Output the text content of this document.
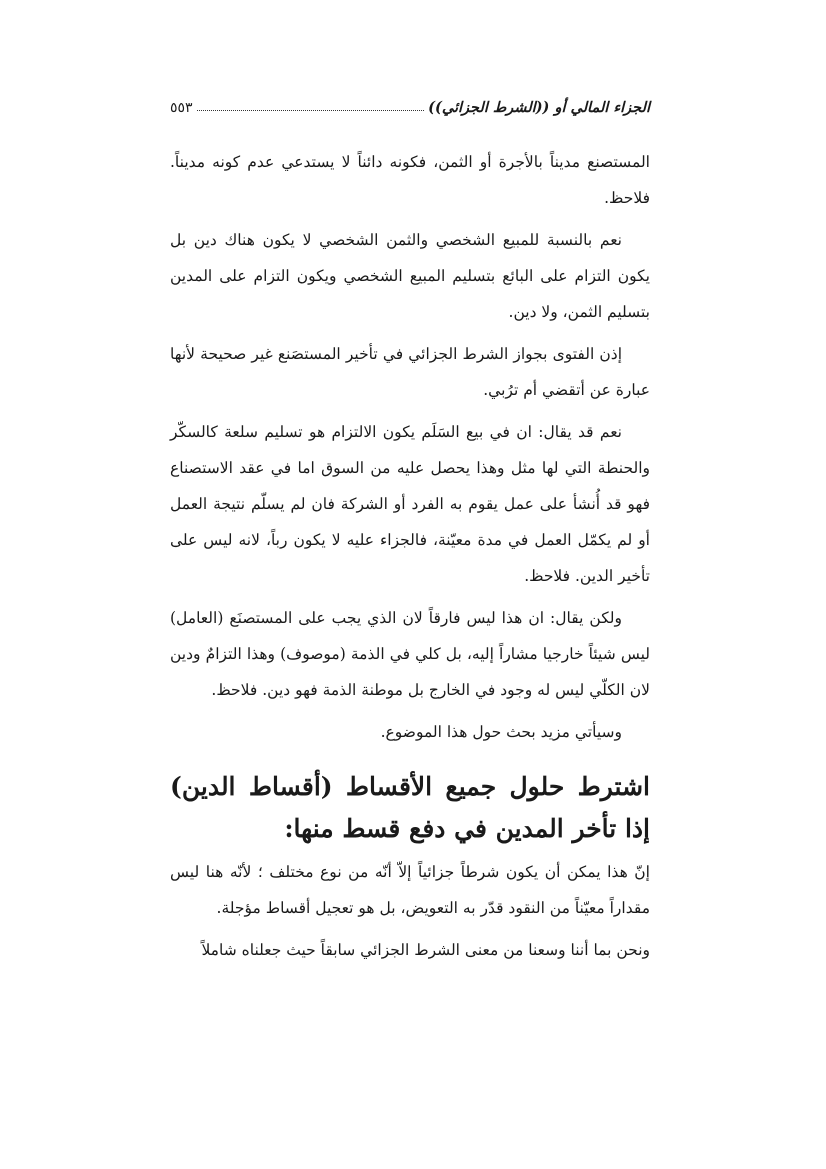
الجزاء المالي أو ((الشرط الجزائي))
٥٥٣

المستصنع مديناً بالأجرة أو الثمن، فكونه دائناً لا يستدعي عدم كونه مديناً. فلاحظ.

نعم بالنسبة للمبيع الشخصي والثمن الشخصي لا يكون هناك دين بل يكون التزام على البائع بتسليم المبيع الشخصي ويكون التزام على المدين بتسليم الثمن، ولا دين.

إذن الفتوى بجواز الشرط الجزائي في تأخير المستصَنع غير صحيحة لأنها عبارة عن أتقضي أم ترُبي.

نعم قد يقال: ان في بيع السَلَم يكون الالتزام هو تسليم سلعة كالسكّر والحنطة التي لها مثل وهذا يحصل عليه من السوق اما في عقد الاستصناع فهو قد أُنشأ على عمل يقوم به الفرد أو الشركة فان لم يسلّم نتيجة العمل أو لم يكمّل العمل في مدة معيّنة، فالجزاء عليه لا يكون رباً، لانه ليس على تأخير الدين. فلاحظ.

ولكن يقال: ان هذا ليس فارقاً لان الذي يجب على المستصنَع (العامل) ليس شيئاً خارجيا مشاراً إليه، بل كلي في الذمة (موصوف) وهذا التزامٌ ودين لان الكلّي ليس له وجود في الخارج بل موطنة الذمة فهو دين. فلاحظ.

وسيأتي مزيد بحث حول هذا الموضوع.

اشترط حلول جميع الأقساط (أقساط الدين) إذا تأخر المدين في دفع قسط منها:

إنّ هذا يمكن أن يكون شرطاً جزائياً إلاّ أنّه من نوع مختلف ؛ لأنّه هنا ليس مقداراً معيّناً من النقود قدّر به التعويض، بل هو تعجيل أقساط مؤجلة.

ونحن بما أننا وسعنا من معنى الشرط الجزائي سابقاً حيث جعلناه شاملاً
